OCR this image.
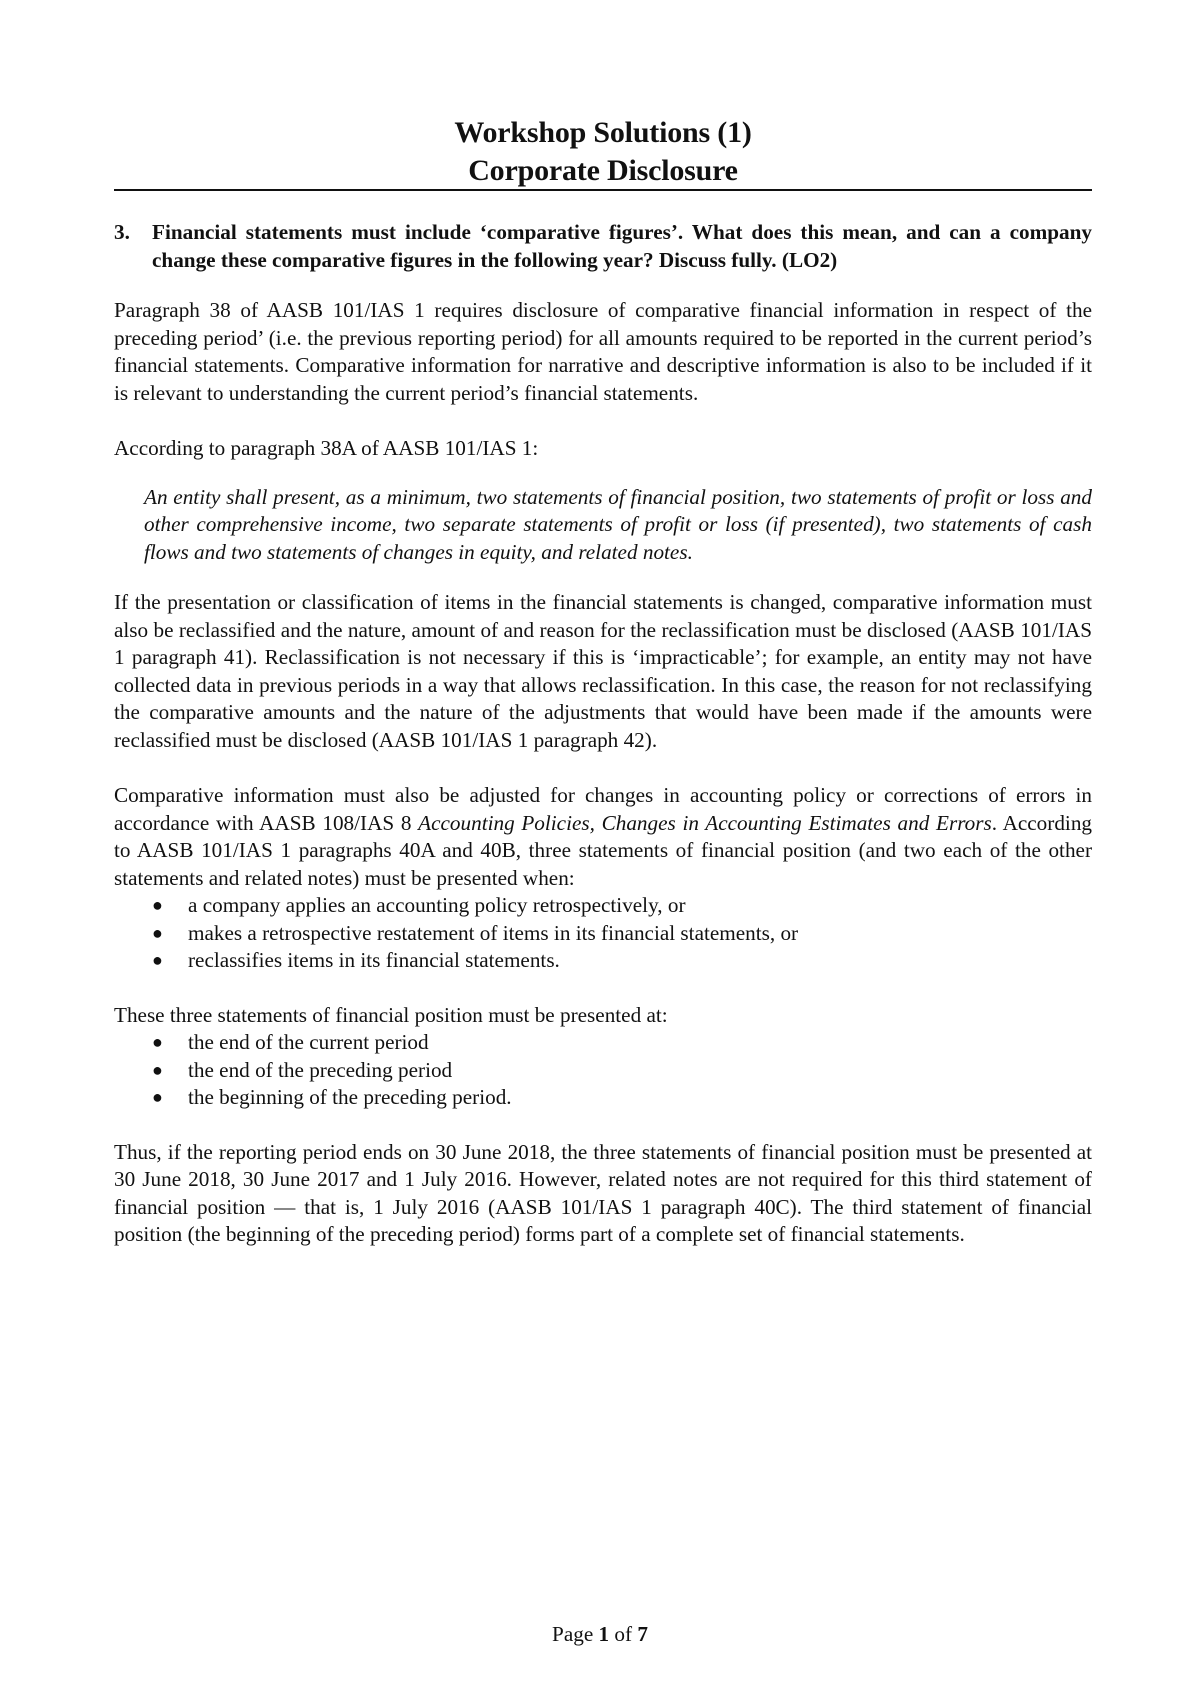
Workshop Solutions (1)
Corporate Disclosure
3. Financial statements must include ‘comparative figures’. What does this mean, and can a company change these comparative figures in the following year? Discuss fully. (LO2)

Paragraph 38 of AASB 101/IAS 1 requires disclosure of comparative financial information in respect of the preceding period’ (i.e. the previous reporting period) for all amounts required to be reported in the current period’s financial statements. Comparative information for narrative and descriptive information is also to be included if it is relevant to understanding the current period’s financial statements.

According to paragraph 38A of AASB 101/IAS 1:

An entity shall present, as a minimum, two statements of financial position, two statements of profit or loss and other comprehensive income, two separate statements of profit or loss (if presented), two statements of cash flows and two statements of changes in equity, and related notes.

If the presentation or classification of items in the financial statements is changed, comparative information must also be reclassified and the nature, amount of and reason for the reclassification must be disclosed (AASB 101/IAS 1 paragraph 41). Reclassification is not necessary if this is ‘impracticable’; for example, an entity may not have collected data in previous periods in a way that allows reclassification. In this case, the reason for not reclassifying the comparative amounts and the nature of the adjustments that would have been made if the amounts were reclassified must be disclosed (AASB 101/IAS 1 paragraph 42).

Comparative information must also be adjusted for changes in accounting policy or corrections of errors in accordance with AASB 108/IAS 8 Accounting Policies, Changes in Accounting Estimates and Errors. According to AASB 101/IAS 1 paragraphs 40A and 40B, three statements of financial position (and two each of the other statements and related notes) must be presented when:

● a company applies an accounting policy retrospectively, or
● makes a retrospective restatement of items in its financial statements, or
● reclassifies items in its financial statements.

These three statements of financial position must be presented at:

● the end of the current period
● the end of the preceding period
● the beginning of the preceding period.

Thus, if the reporting period ends on 30 June 2018, the three statements of financial position must be presented at 30 June 2018, 30 June 2017 and 1 July 2016. However, related notes are not required for this third statement of financial position — that is, 1 July 2016 (AASB 101/IAS 1 paragraph 40C). The third statement of financial position (the beginning of the preceding period) forms part of a complete set of financial statements.

Page 1 of 7
